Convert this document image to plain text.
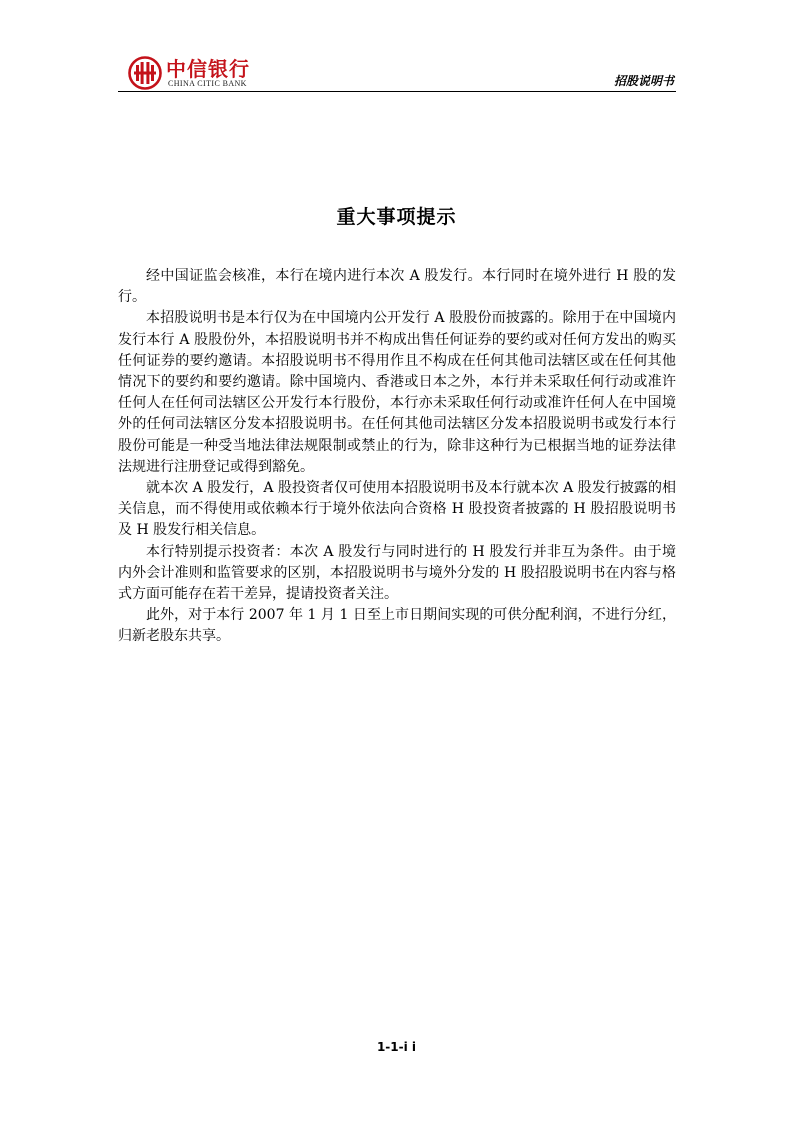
中信银行
CHINA CITIC BANK	招股说明书
重大事项提示

经中国证监会核准，本行在境内进行本次 A 股发行。本行同时在境外进行 H 股的发行。

本招股说明书是本行仅为在中国境内公开发行 A 股股份而披露的。除用于在中国境内发行本行 A 股股份外，本招股说明书并不构成出售任何证券的要约或对任何方发出的购买任何证券的要约邀请。本招股说明书不得用作且不构成在任何其他司法辖区或在任何其他情况下的要约和要约邀请。除中国境内、香港或日本之外，本行并未采取任何行动或准许任何人在任何司法辖区公开发行本行股份，本行亦未采取任何行动或准许任何人在中国境外的任何司法辖区分发本招股说明书。在任何其他司法辖区分发本招股说明书或发行本行股份可能是一种受当地法律法规限制或禁止的行为，除非这种行为已根据当地的证券法律法规进行注册登记或得到豁免。

就本次 A 股发行，A 股投资者仅可使用本招股说明书及本行就本次 A 股发行披露的相关信息，而不得使用或依赖本行于境外依法向合资格 H 股投资者披露的 H 股招股说明书及 H 股发行相关信息。

本行特别提示投资者：本次 A 股发行与同时进行的 H 股发行并非互为条件。由于境内外会计准则和监管要求的区别，本招股说明书与境外分发的 H 股招股说明书在内容与格式方面可能存在若干差异，提请投资者关注。

此外，对于本行 2007 年 1 月 1 日至上市日期间实现的可供分配利润，不进行分红，归新老股东共享。

1-1-i i
